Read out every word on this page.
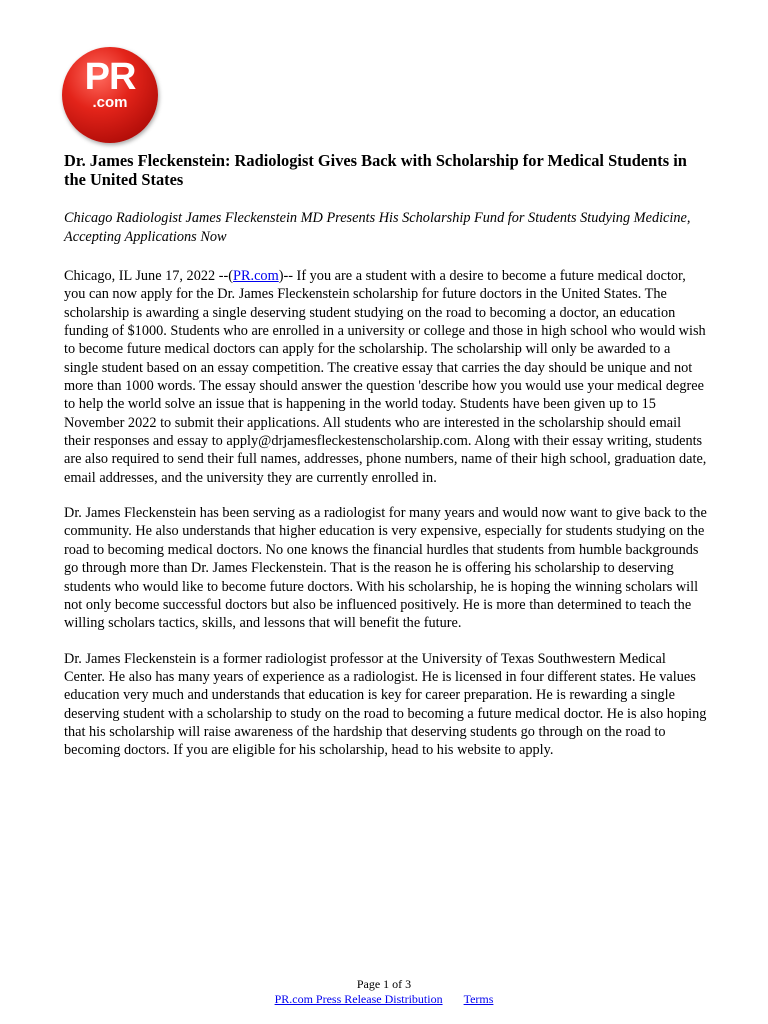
PR
.com
Dr. James Fleckenstein: Radiologist Gives Back with Scholarship for Medical Students in the United States

Chicago Radiologist James Fleckenstein MD Presents His Scholarship Fund for Students Studying Medicine, Accepting Applications Now

Chicago, IL June 17, 2022 --(PR.com)-- If you are a student with a desire to become a future medical doctor, you can now apply for the Dr. James Fleckenstein scholarship for future doctors in the United States. The scholarship is awarding a single deserving student studying on the road to becoming a doctor, an education funding of $1000. Students who are enrolled in a university or college and those in high school who would wish to become future medical doctors can apply for the scholarship. The scholarship will only be awarded to a single student based on an essay competition. The creative essay that carries the day should be unique and not more than 1000 words. The essay should answer the question 'describe how you would use your medical degree to help the world solve an issue that is happening in the world today. Students have been given up to 15 November 2022 to submit their applications. All students who are interested in the scholarship should email their responses and essay to apply@drjamesfleckestenscholarship.com. Along with their essay writing, students are also required to send their full names, addresses, phone numbers, name of their high school, graduation date, email addresses, and the university they are currently enrolled in.

Dr. James Fleckenstein has been serving as a radiologist for many years and would now want to give back to the community. He also understands that higher education is very expensive, especially for students studying on the road to becoming medical doctors. No one knows the financial hurdles that students from humble backgrounds go through more than Dr. James Fleckenstein. That is the reason he is offering his scholarship to deserving students who would like to become future doctors. With his scholarship, he is hoping the winning scholars will not only become successful doctors but also be influenced positively. He is more than determined to teach the willing scholars tactics, skills, and lessons that will benefit the future.

Dr. James Fleckenstein is a former radiologist professor at the University of Texas Southwestern Medical Center. He also has many years of experience as a radiologist. He is licensed in four different states. He values education very much and understands that education is key for career preparation. He is rewarding a single deserving student with a scholarship to study on the road to becoming a future medical doctor. He is also hoping that his scholarship will raise awareness of the hardship that deserving students go through on the road to becoming doctors. If you are eligible for his scholarship, head to his website to apply.

Page 1 of 3
PR.com Press Release Distribution Terms
